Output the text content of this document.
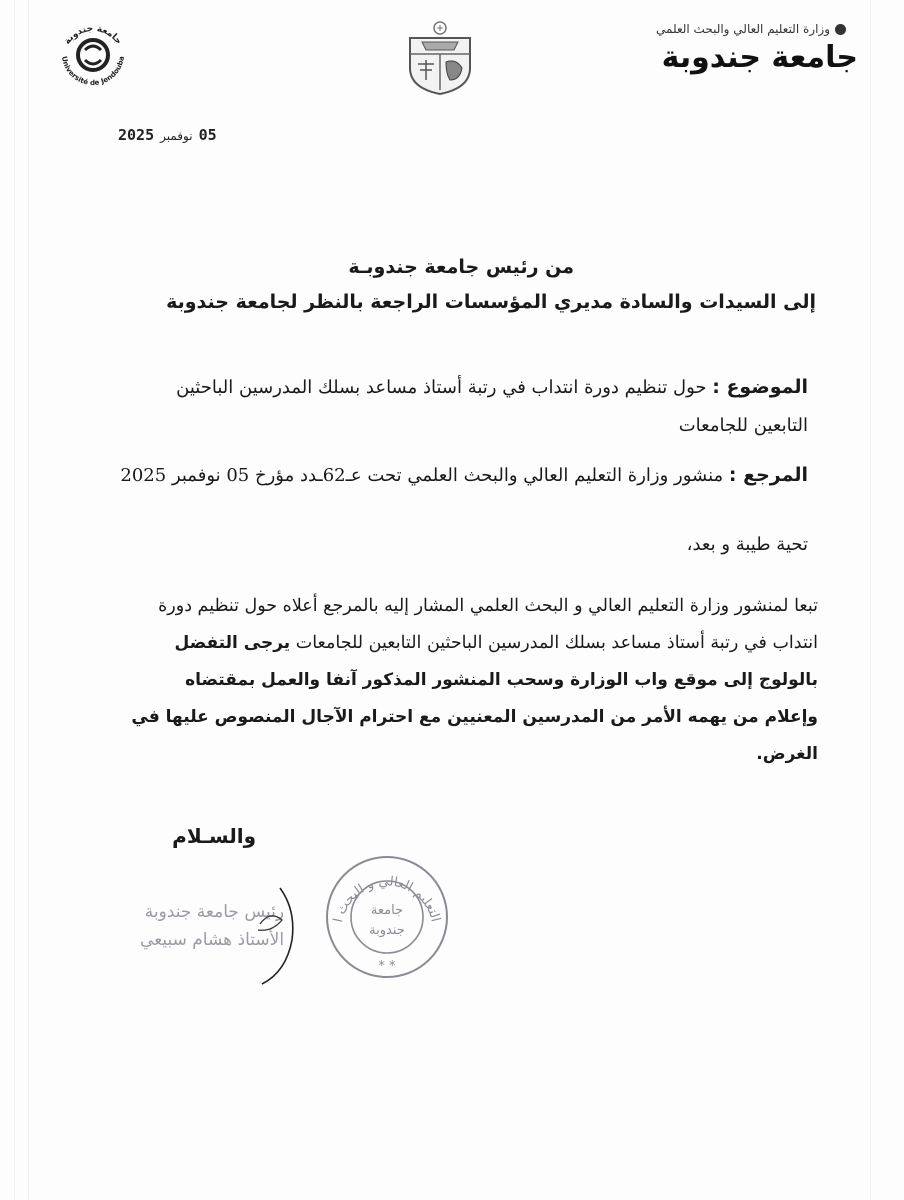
جامعة جندوبة
Université de Jendouba
وزارة التعليم العالي والبحث العلمي
جامعة جندوبة
2025 نوفمبر 05
من رئيس جامعة جندوبـة
إلى السيدات والسادة مديري المؤسسات الراجعة بالنظر لجامعة جندوبة
الموضوع : حول تنظيم دورة انتداب في رتبة أستاذ مساعد بسلك المدرسين الباحثين التابعين للجامعات
المرجع : منشور وزارة التعليم العالي والبحث العلمي تحت عـ62ـدد مؤرخ 05 نوفمبر 2025
تحية طيبة و بعد،
تبعا لمنشور وزارة التعليم العالي و البحث العلمي المشار إليه بالمرجع أعلاه حول تنظيم دورة انتداب في رتبة أستاذ مساعد بسلك المدرسين الباحثين التابعين للجامعات يرجى التفضل بالولوج إلى موقع واب الوزارة وسحب المنشور المذكور آنفا والعمل بمقتضاه وإعلام من يهمه الأمر من المدرسين المعنيين مع احترام الآجال المنصوص عليها في الغرض.
والسـلام
رئيس جامعة جندوبة
الأستاذ هشام سبيعي
التعليم العالي و البحث ا
جامعة
جندوبة
* *
